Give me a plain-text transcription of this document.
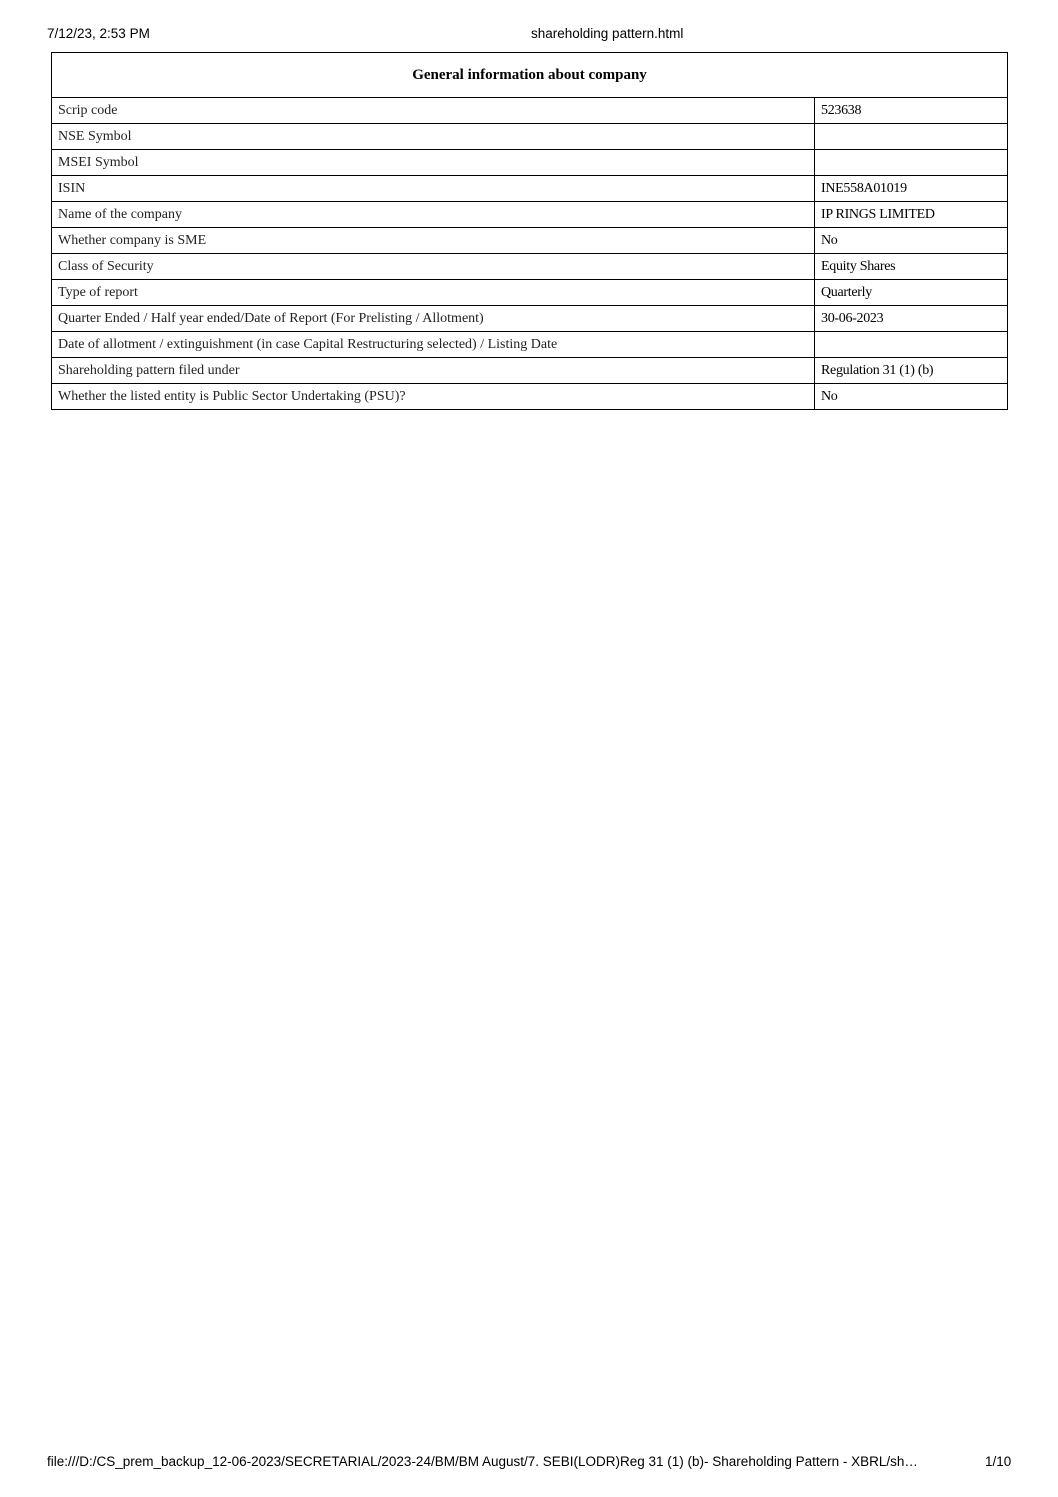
7/12/23, 2:53 PM	shareholding pattern.html
General information about company	
Scrip code	523638
NSE Symbol	
MSEI Symbol	
ISIN	INE558A01019
Name of the company	IP RINGS LIMITED
Whether company is SME	No
Class of Security	Equity Shares
Type of report	Quarterly
Quarter Ended / Half year ended/Date of Report (For Prelisting / Allotment)	30-06-2023
Date of allotment / extinguishment (in case Capital Restructuring selected) / Listing Date	
Shareholding pattern filed under	Regulation 31 (1) (b)
Whether the listed entity is Public Sector Undertaking (PSU)?	No
file:///D:/CS_prem_backup_12-06-2023/SECRETARIAL/2023-24/BM/BM August/7. SEBI(LODR)Reg 31 (1) (b)- Shareholding Pattern - XBRL/sh…	1/10
